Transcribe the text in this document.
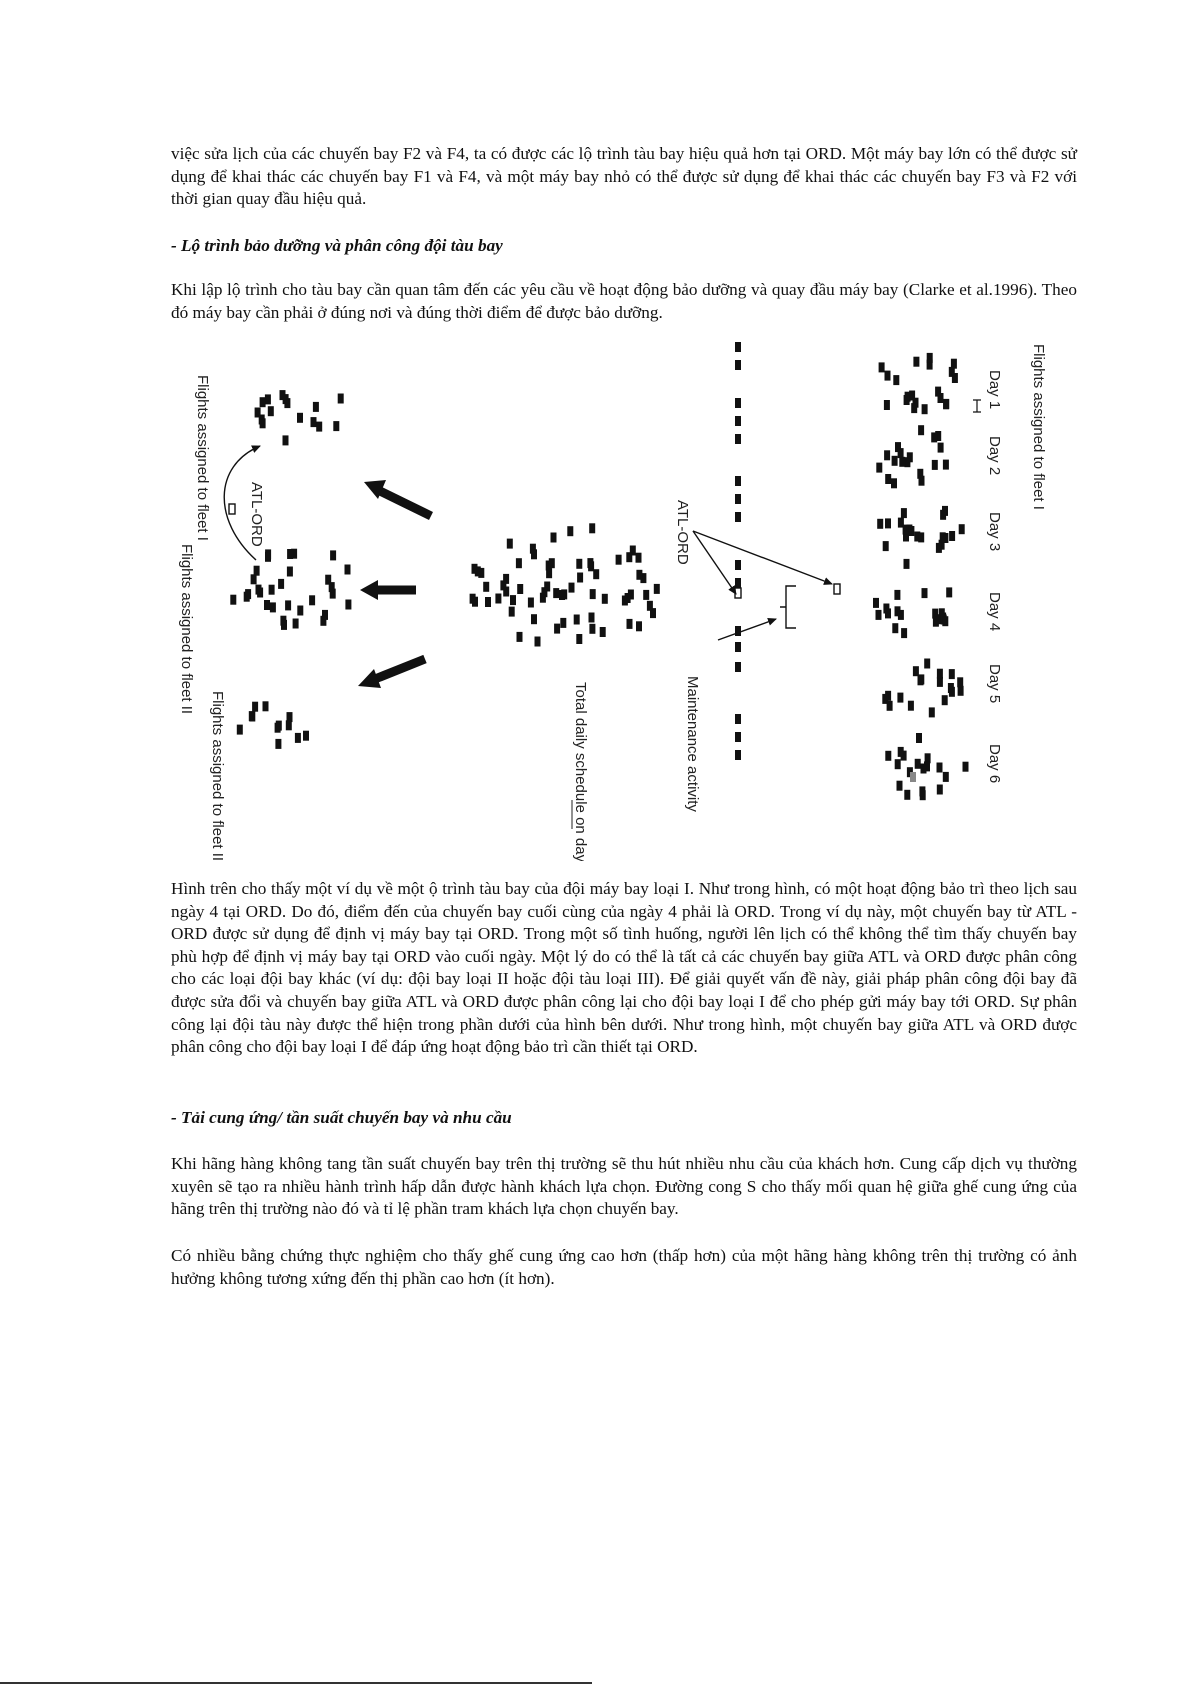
việc sửa lịch của các chuyến bay F2 và F4, ta có được các lộ trình tàu bay hiệu quả hơn tại ORD. Một máy bay lớn có thể được sử dụng để khai thác các chuyến bay F1 và F4, và một máy bay nhỏ có thể được sử dụng để khai thác các chuyến bay F3 và F2 với thời gian quay đầu hiệu quả.

- Lộ trình bảo dưỡng và phân công đội tàu bay

Khi lập lộ trình cho tàu bay cần quan tâm đến các yêu cầu về hoạt động bảo dưỡng và quay đầu máy bay (Clarke et al.1996). Theo đó máy bay cần phải ở đúng nơi và đúng thời điểm để được bảo dưỡng.

Flights assigned to fleet I
Flights assigned to fleet II
Flights assigned to fleet III
ATL-ORD
Total daily schedule on day 4
ATL-ORD
Maintenance activity
Flights assigned to fleet I
Day 1
Day 2
Day 3
Day 4
Day 5
Day 6

Hình trên cho thấy một ví dụ về một ộ trình tàu bay của đội máy bay loại I. Như trong hình, có một hoạt động bảo trì theo lịch sau ngày 4 tại ORD. Do đó, điểm đến của chuyến bay cuối cùng của ngày 4 phải là ORD. Trong ví dụ này, một chuyến bay từ ATL - ORD được sử dụng để định vị máy bay tại ORD. Trong một số tình huống, người lên lịch có thể không thể tìm thấy chuyến bay phù hợp để định vị máy bay tại ORD vào cuối ngày. Một lý do có thể là tất cả các chuyến bay giữa ATL và ORD được phân công cho các loại đội bay khác (ví dụ: đội bay loại II hoặc đội tàu loại III). Để giải quyết vấn đề này, giải pháp phân công đội bay đã được sửa đổi và chuyến bay giữa ATL và ORD được phân công lại cho đội bay loại I để cho phép gửi máy bay tới ORD. Sự phân công lại đội tàu này được thể hiện trong phần dưới của hình bên dưới. Như trong hình, một chuyến bay giữa ATL và ORD được phân công cho đội bay loại I để đáp ứng hoạt động bảo trì cần thiết tại ORD.

- Tải cung ứng/ tần suất chuyến bay và nhu cầu

Khi hãng hàng không tang tần suất chuyến bay trên thị trường sẽ thu hút nhiều nhu cầu của khách hơn. Cung cấp dịch vụ thường xuyên sẽ tạo ra nhiều hành trình hấp dẫn được hành khách lựa chọn. Đường cong S cho thấy mối quan hệ giữa ghế cung ứng của hãng trên thị trường nào đó và tỉ lệ phần tram khách lựa chọn chuyến bay.

Có nhiều bằng chứng thực nghiệm cho thấy ghế cung ứng cao hơn (thấp hơn) của một hãng hàng không trên thị trường có ảnh hưởng không tương xứng đến thị phần cao hơn (ít hơn).
